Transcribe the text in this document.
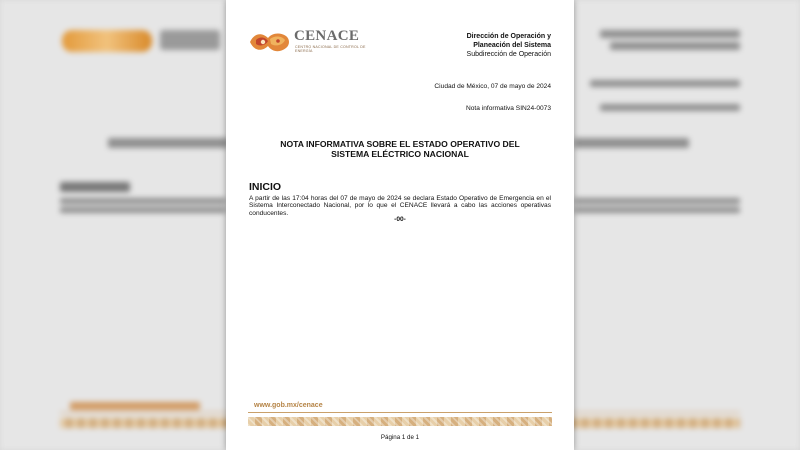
CENACE
CENTRO NACIONAL DE CONTROL DE ENERGÍA
Dirección de Operación y
Planeación del Sistema
Subdirección de Operación
Ciudad de México, 07 de mayo de 2024
Nota informativa SIN24-0073
NOTA INFORMATIVA SOBRE EL ESTADO OPERATIVO DEL
SISTEMA ELÉCTRICO NACIONAL
INICIO
A partir de las 17:04 horas del 07 de mayo de 2024 se declara Estado Operativo de Emergencia en el Sistema Interconectado Nacional, por lo que el CENACE llevará a cabo las acciones operativas conducentes.
-00-
www.gob.mx/cenace
Página 1 de 1
